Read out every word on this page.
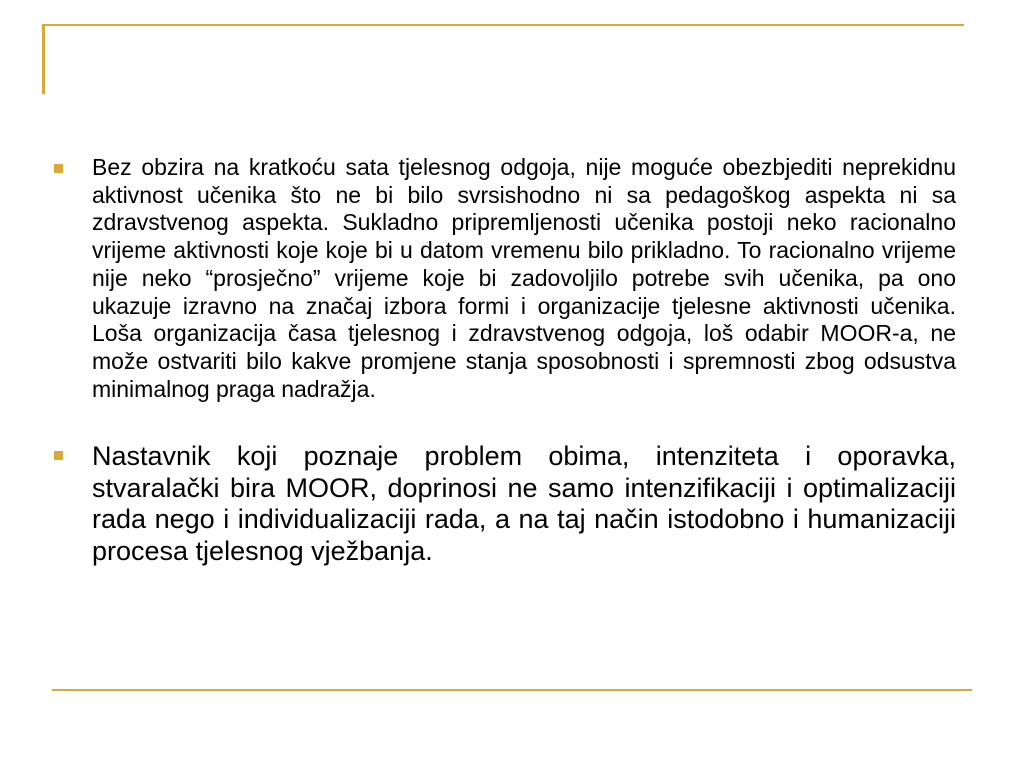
Bez obzira na kratkoću sata tjelesnog odgoja, nije moguće obezbjediti neprekidnu aktivnost učenika što ne bi bilo svrsishodno ni sa pedagoškog aspekta ni sa zdravstvenog aspekta. Sukladno pripremljenosti učenika postoji neko racionalno vrijeme aktivnosti koje koje bi u datom vremenu bilo prikladno. To racionalno vrijeme nije neko “prosječno” vrijeme koje bi zadovoljilo potrebe svih učenika, pa ono ukazuje izravno na značaj izbora formi i organizacije tjelesne aktivnosti učenika. Loša organizacija časa tjelesnog i zdravstvenog odgoja, loš odabir MOOR-a, ne može ostvariti bilo kakve promjene stanja sposobnosti i spremnosti zbog odsustva minimalnog praga nadražja.

Nastavnik koji poznaje problem obima, intenziteta i oporavka, stvaralački bira MOOR, doprinosi ne samo intenzifikaciji i optimalizaciji rada nego i individualizaciji rada, a na taj način istodobno i humanizaciji procesa tjelesnog vježbanja.
